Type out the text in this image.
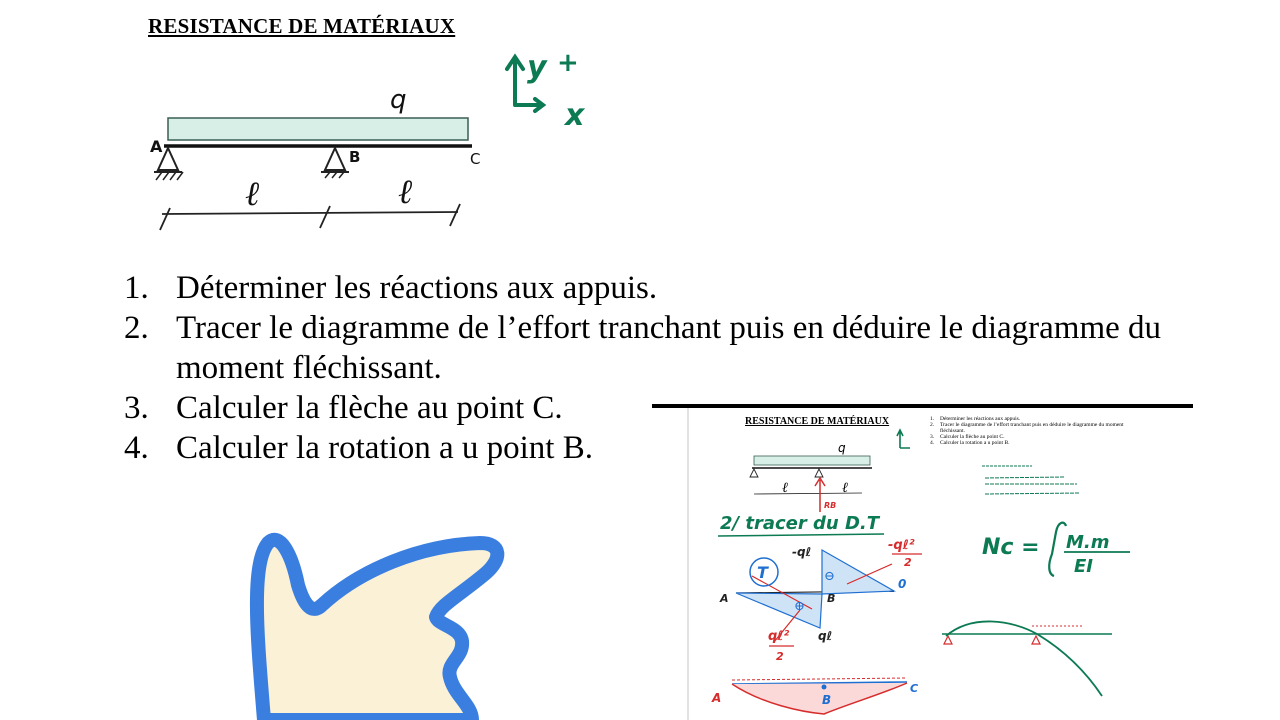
RESISTANCE DE MATÉRIAUX
q
A
B	C
ℓ	ℓ
y +
x
1. Déterminer les réactions aux appuis.
2. Tracer le diagramme de l’effort tranchant puis en déduire le diagramme du moment fléchissant.
3. Calculer la flèche au point C.
4. Calculer la rotation a u point B.
RESISTANCE DE MATÉRIAUX	1. Déterminer les réactions aux appuis.
2. Tracer le diagramme de l’effort tranchant puis en déduire le diagramme du moment fléchissant.
3. Calculer la flèche au point C.
4. Calculer la rotation a u point B.
q
ℓ	ℓ
RB
2/ tracer du D.T
T
-qℓ
⊖
⊕
A	B
0
-qℓ²
2
qℓ²
2
qℓ
Nc = M.m
EI
A	B
C
